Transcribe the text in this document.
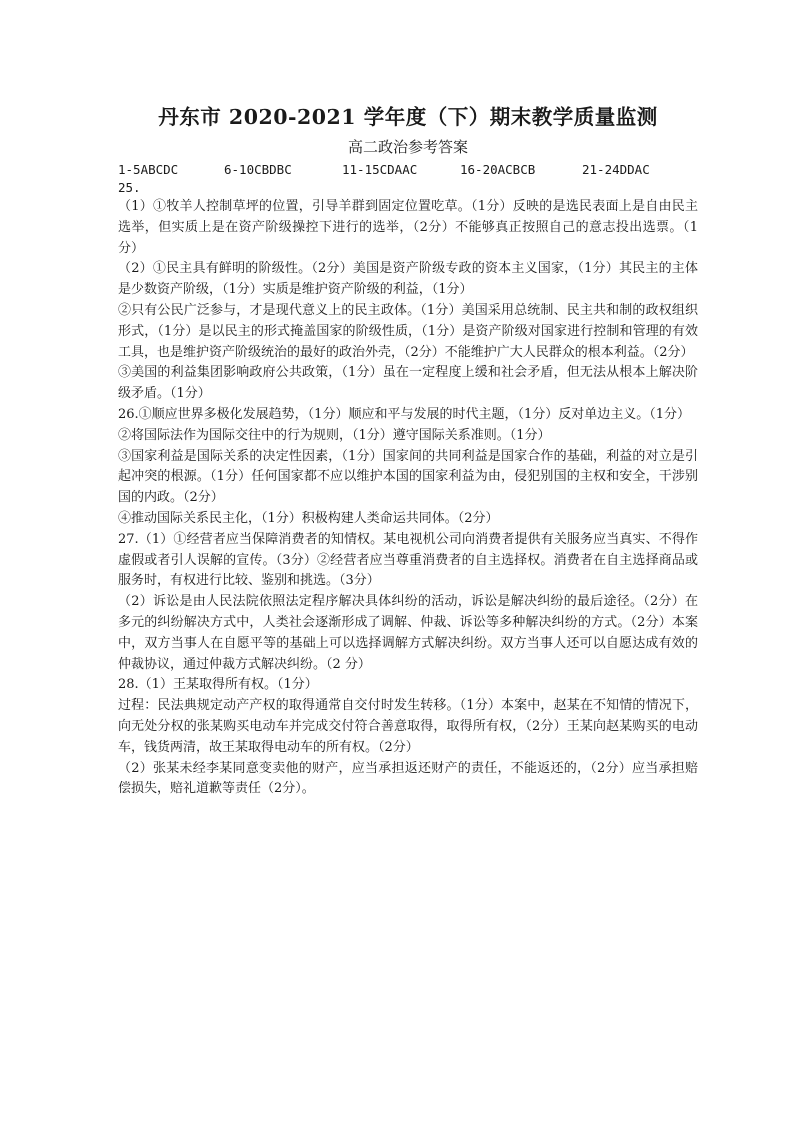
丹东市 2020-2021 学年度（下）期末教学质量监测
高二政治参考答案
1-5ABCDC	6-10CBDBC	11-15CDAAC	16-20ACBCB	21-24DDAC
25.

（1）①牧羊人控制草坪的位置，引导羊群到固定位置吃草。（1分）反映的是选民表面上是自由民主选举，但实质上是在资产阶级操控下进行的选举，（2分）不能够真正按照自己的意志投出选票。（1分）

（2）①民主具有鲜明的阶级性。（2分）美国是资产阶级专政的资本主义国家，（1分）其民主的主体是少数资产阶级，（1分）实质是维护资产阶级的利益，（1分）

②只有公民广泛参与，才是现代意义上的民主政体。（1分）美国采用总统制、民主共和制的政权组织形式，（1分）是以民主的形式掩盖国家的阶级性质，（1分）是资产阶级对国家进行控制和管理的有效工具，也是维护资产阶级统治的最好的政治外壳，（2分）不能维护广大人民群众的根本利益。（2分）

③美国的利益集团影响政府公共政策，（1分）虽在一定程度上缓和社会矛盾，但无法从根本上解决阶级矛盾。（1分）

26.①顺应世界多极化发展趋势，（1分）顺应和平与发展的时代主题，（1分）反对单边主义。（1分）

②将国际法作为国际交往中的行为规则，（1分）遵守国际关系准则。（1分）

③国家利益是国际关系的决定性因素，（1分）国家间的共同利益是国家合作的基础，利益的对立是引起冲突的根源。（1分）任何国家都不应以维护本国的国家利益为由，侵犯别国的主权和安全，干涉别国的内政。（2分）

④推动国际关系民主化，（1分）积极构建人类命运共同体。（2分）

27.（1）①经营者应当保障消费者的知情权。某电视机公司向消费者提供有关服务应当真实、不得作虚假或者引人误解的宣传。（3分）②经营者应当尊重消费者的自主选择权。消费者在自主选择商品或服务时，有权进行比较、鉴别和挑选。（3分）

（2）诉讼是由人民法院依照法定程序解决具体纠纷的活动，诉讼是解决纠纷的最后途径。（2分）在多元的纠纷解决方式中，人类社会逐渐形成了调解、仲裁、诉讼等多种解决纠纷的方式。（2分）本案中，双方当事人在自愿平等的基础上可以选择调解方式解决纠纷。双方当事人还可以自愿达成有效的仲裁协议，通过仲裁方式解决纠纷。（2 分）

28.（1）王某取得所有权。（1分）

过程：民法典规定动产产权的取得通常自交付时发生转移。（1分）本案中，赵某在不知情的情况下，向无处分权的张某购买电动车并完成交付符合善意取得，取得所有权，（2分）王某向赵某购买的电动车，钱货两清，故王某取得电动车的所有权。（2分）

（2）张某未经李某同意变卖他的财产，应当承担返还财产的责任，不能返还的，（2分）应当承担赔偿损失，赔礼道歉等责任（2分）。
